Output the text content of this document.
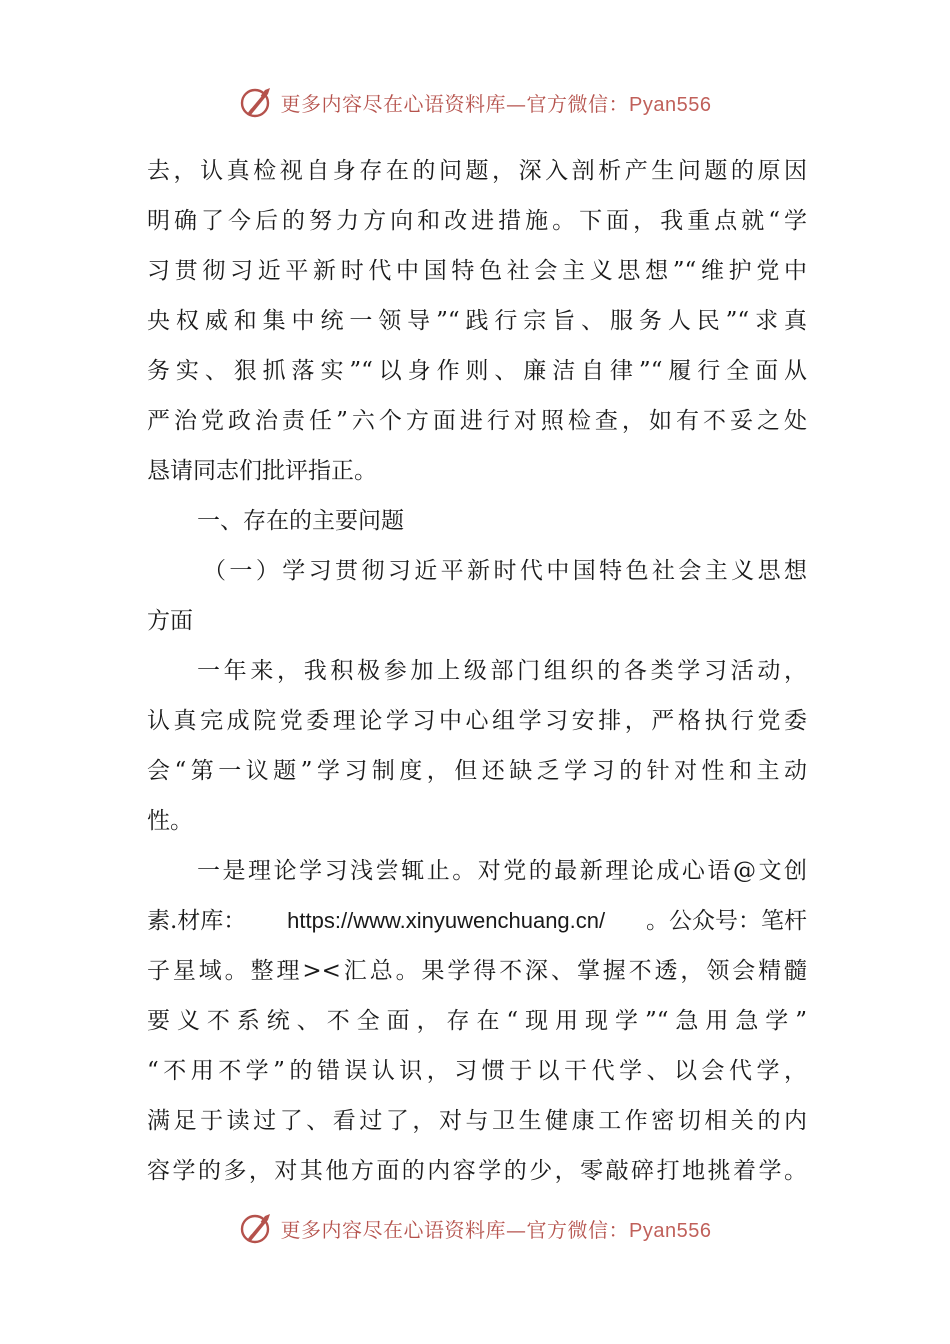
更多内容尽在心语资料库—官方微信：Pyan556
去，认真检视自身存在的问题，深入剖析产生问题的原因
明确了今后的努力方向和改进措施。下面，我重点就“学
习贯彻习近平新时代中国特色社会主义思想”“维护党中
央权威和集中统一领导”“践行宗旨、服务人民”“求真
务实、狠抓落实”“以身作则、廉洁自律”“履行全面从
严治党政治责任”六个方面进行对照检查，如有不妥之处
恳请同志们批评指正。
一、存在的主要问题
（一）学习贯彻习近平新时代中国特色社会主义思想
方面
一年来，我积极参加上级部门组织的各类学习活动，
认真完成院党委理论学习中心组学习安排，严格执行党委
会“第一议题”学习制度，但还缺乏学习的针对性和主动
性。
一是理论学习浅尝辄止。对党的最新理论成心语@文创
素.材库： https://www.xinyuwenchuang.cn/ 。公众号：笔杆
子星域。整理><汇总。果学得不深、掌握不透，领会精髓
要义不系统、不全面，存在“现用现学”“急用急学”
“不用不学”的错误认识，习惯于以干代学、以会代学，
满足于读过了、看过了，对与卫生健康工作密切相关的内
容学的多，对其他方面的内容学的少，零敲碎打地挑着学。
更多内容尽在心语资料库—官方微信：Pyan556
